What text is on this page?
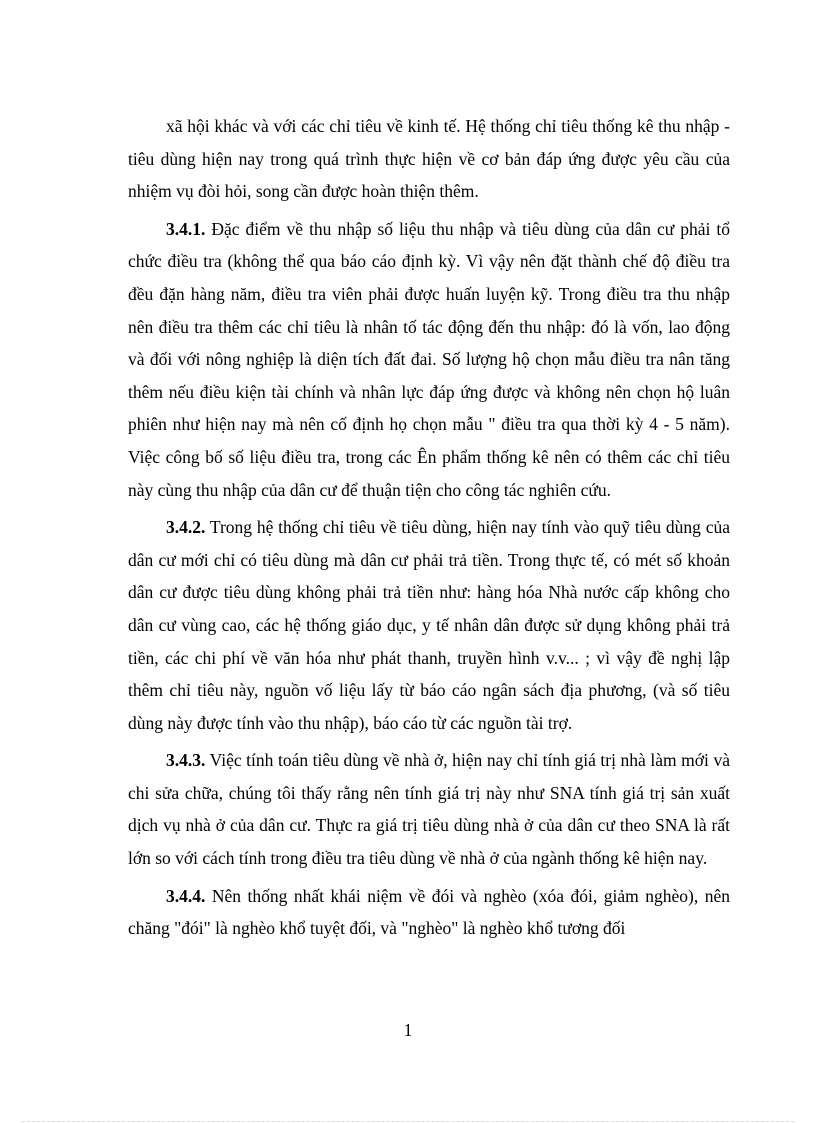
xã hội khác và với các chỉ tiêu về kinh tế. Hệ thống chỉ tiêu thống kê thu nhập - tiêu dùng hiện nay trong quá trình thực hiện về cơ bản đáp ứng được yêu cầu của nhiệm vụ đòi hỏi, song cần được hoàn thiện thêm.

3.4.1. Đặc điểm về thu nhập số liệu thu nhập và tiêu dùng của dân cư phải tổ chức điều tra (không thể qua báo cáo định kỳ. Vì vậy nên đặt thành chế độ điều tra đều đặn hàng năm, điều tra viên phải được huấn luyện kỹ. Trong điều tra thu nhập nên điều tra thêm các chỉ tiêu là nhân tố tác động đến thu nhập: đó là vốn, lao động và đối với nông nghiệp là diện tích đất đai. Số lượng hộ chọn mẫu điều tra nân tăng thêm nếu điều kiện tài chính và nhân lực đáp ứng được và không nên chọn hộ luân phiên như hiện nay mà nên cố định họ chọn mẫu " điều tra qua thời kỳ 4 - 5 năm). Việc công bố số liệu điều tra, trong các Ên phẩm thống kê nên có thêm các chỉ tiêu này cùng thu nhập của dân cư để thuận tiện cho công tác nghiên cứu.

3.4.2. Trong hệ thống chỉ tiêu về tiêu dùng, hiện nay tính vào quỹ tiêu dùng của dân cư mới chỉ có tiêu dùng mà dân cư phải trả tiền. Trong thực tế, có mét số khoản dân cư được tiêu dùng không phải trả tiền như: hàng hóa Nhà nước cấp không cho dân cư vùng cao, các hệ thống giáo dục, y tế nhân dân được sử dụng không phải trả tiền, các chi phí về văn hóa như phát thanh, truyền hình v.v... ; vì vậy đề nghị lập thêm chỉ tiêu này, nguồn vố liệu lấy từ báo cáo ngân sách địa phương, (và số tiêu dùng này được tính vào thu nhập), báo cáo từ các nguồn tài trợ.

3.4.3. Việc tính toán tiêu dùng về nhà ở, hiện nay chỉ tính giá trị nhà làm mới và chi sửa chữa, chúng tôi thấy rằng nên tính giá trị này như SNA tính giá trị sản xuất dịch vụ nhà ở của dân cư. Thực ra giá trị tiêu dùng nhà ở của dân cư theo SNA là rất lớn so với cách tính trong điều tra tiêu dùng về nhà ở của ngành thống kê hiện nay.

3.4.4. Nên thống nhất khái niệm về đói và nghèo (xóa đói, giảm nghèo), nên chăng "đói" là nghèo khổ tuyệt đối, và "nghèo" là nghèo khổ tương đối

1
